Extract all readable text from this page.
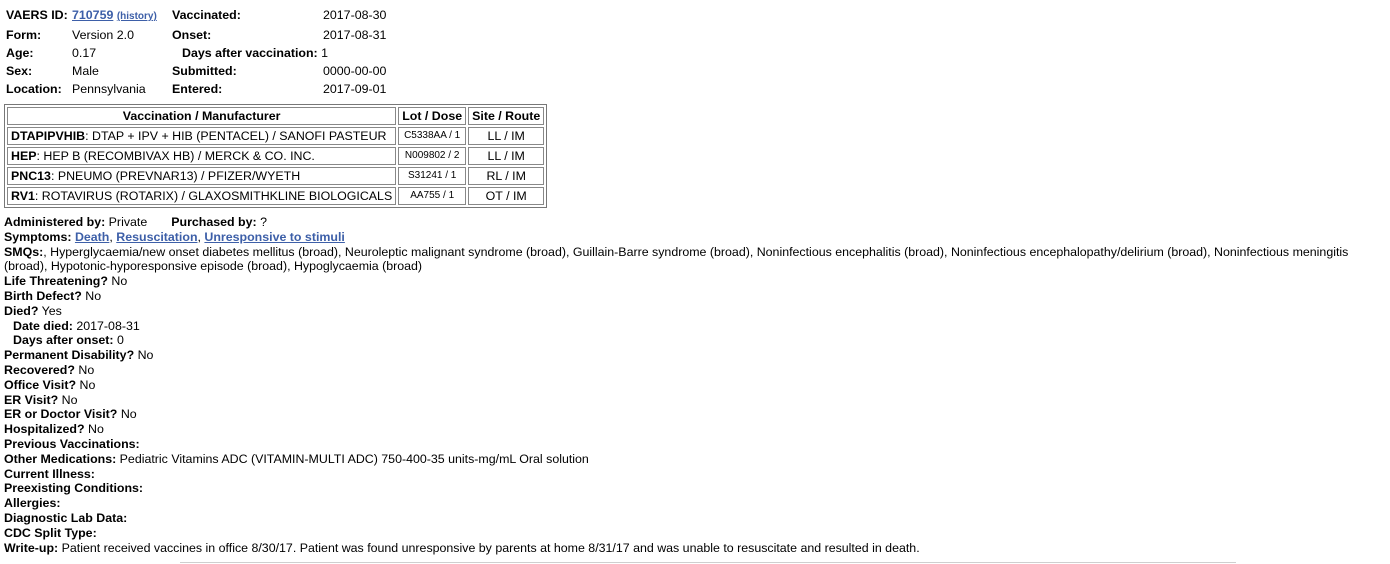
VAERS ID:	710759 (history)	Vaccinated:	2017-08-30
Form:	Version 2.0	Onset:	2017-08-31
Age:	0.17	Days after vaccination: 1	
Sex:	Male	Submitted:	0000-00-00
Location:	Pennsylvania	Entered:	2017-09-01
Vaccination / Manufacturer	Lot / Dose	Site / Route
DTAPIPVHIB: DTAP + IPV + HIB (PENTACEL) / SANOFI PASTEUR	C5338AA / 1	LL / IM
HEP: HEP B (RECOMBIVAX HB) / MERCK & CO. INC.	N009802 / 2	LL / IM
PNC13: PNEUMO (PREVNAR13) / PFIZER/WYETH	S31241 / 1	RL / IM
RV1: ROTAVIRUS (ROTARIX) / GLAXOSMITHKLINE BIOLOGICALS	AA755 / 1	OT / IM
Administered by: Private Purchased by: ?
Symptoms: Death, Resuscitation, Unresponsive to stimuli
SMQs:, Hyperglycaemia/new onset diabetes mellitus (broad), Neuroleptic malignant syndrome (broad), Guillain-Barre syndrome (broad), Noninfectious encephalitis (broad), Noninfectious encephalopathy/delirium (broad), Noninfectious meningitis (broad), Hypotonic-hyporesponsive episode (broad), Hypoglycaemia (broad)
Life Threatening? No
Birth Defect? No
Died? Yes
Date died: 2017-08-31
Days after onset: 0
Permanent Disability? No
Recovered? No
Office Visit? No
ER Visit? No
ER or Doctor Visit? No
Hospitalized? No
Previous Vaccinations:
Other Medications: Pediatric Vitamins ADC (VITAMIN-MULTI ADC) 750-400-35 units-mg/mL Oral solution
Current Illness:
Preexisting Conditions:
Allergies:
Diagnostic Lab Data:
CDC Split Type:
Write-up: Patient received vaccines in office 8/30/17. Patient was found unresponsive by parents at home 8/31/17 and was unable to resuscitate and resulted in death.
